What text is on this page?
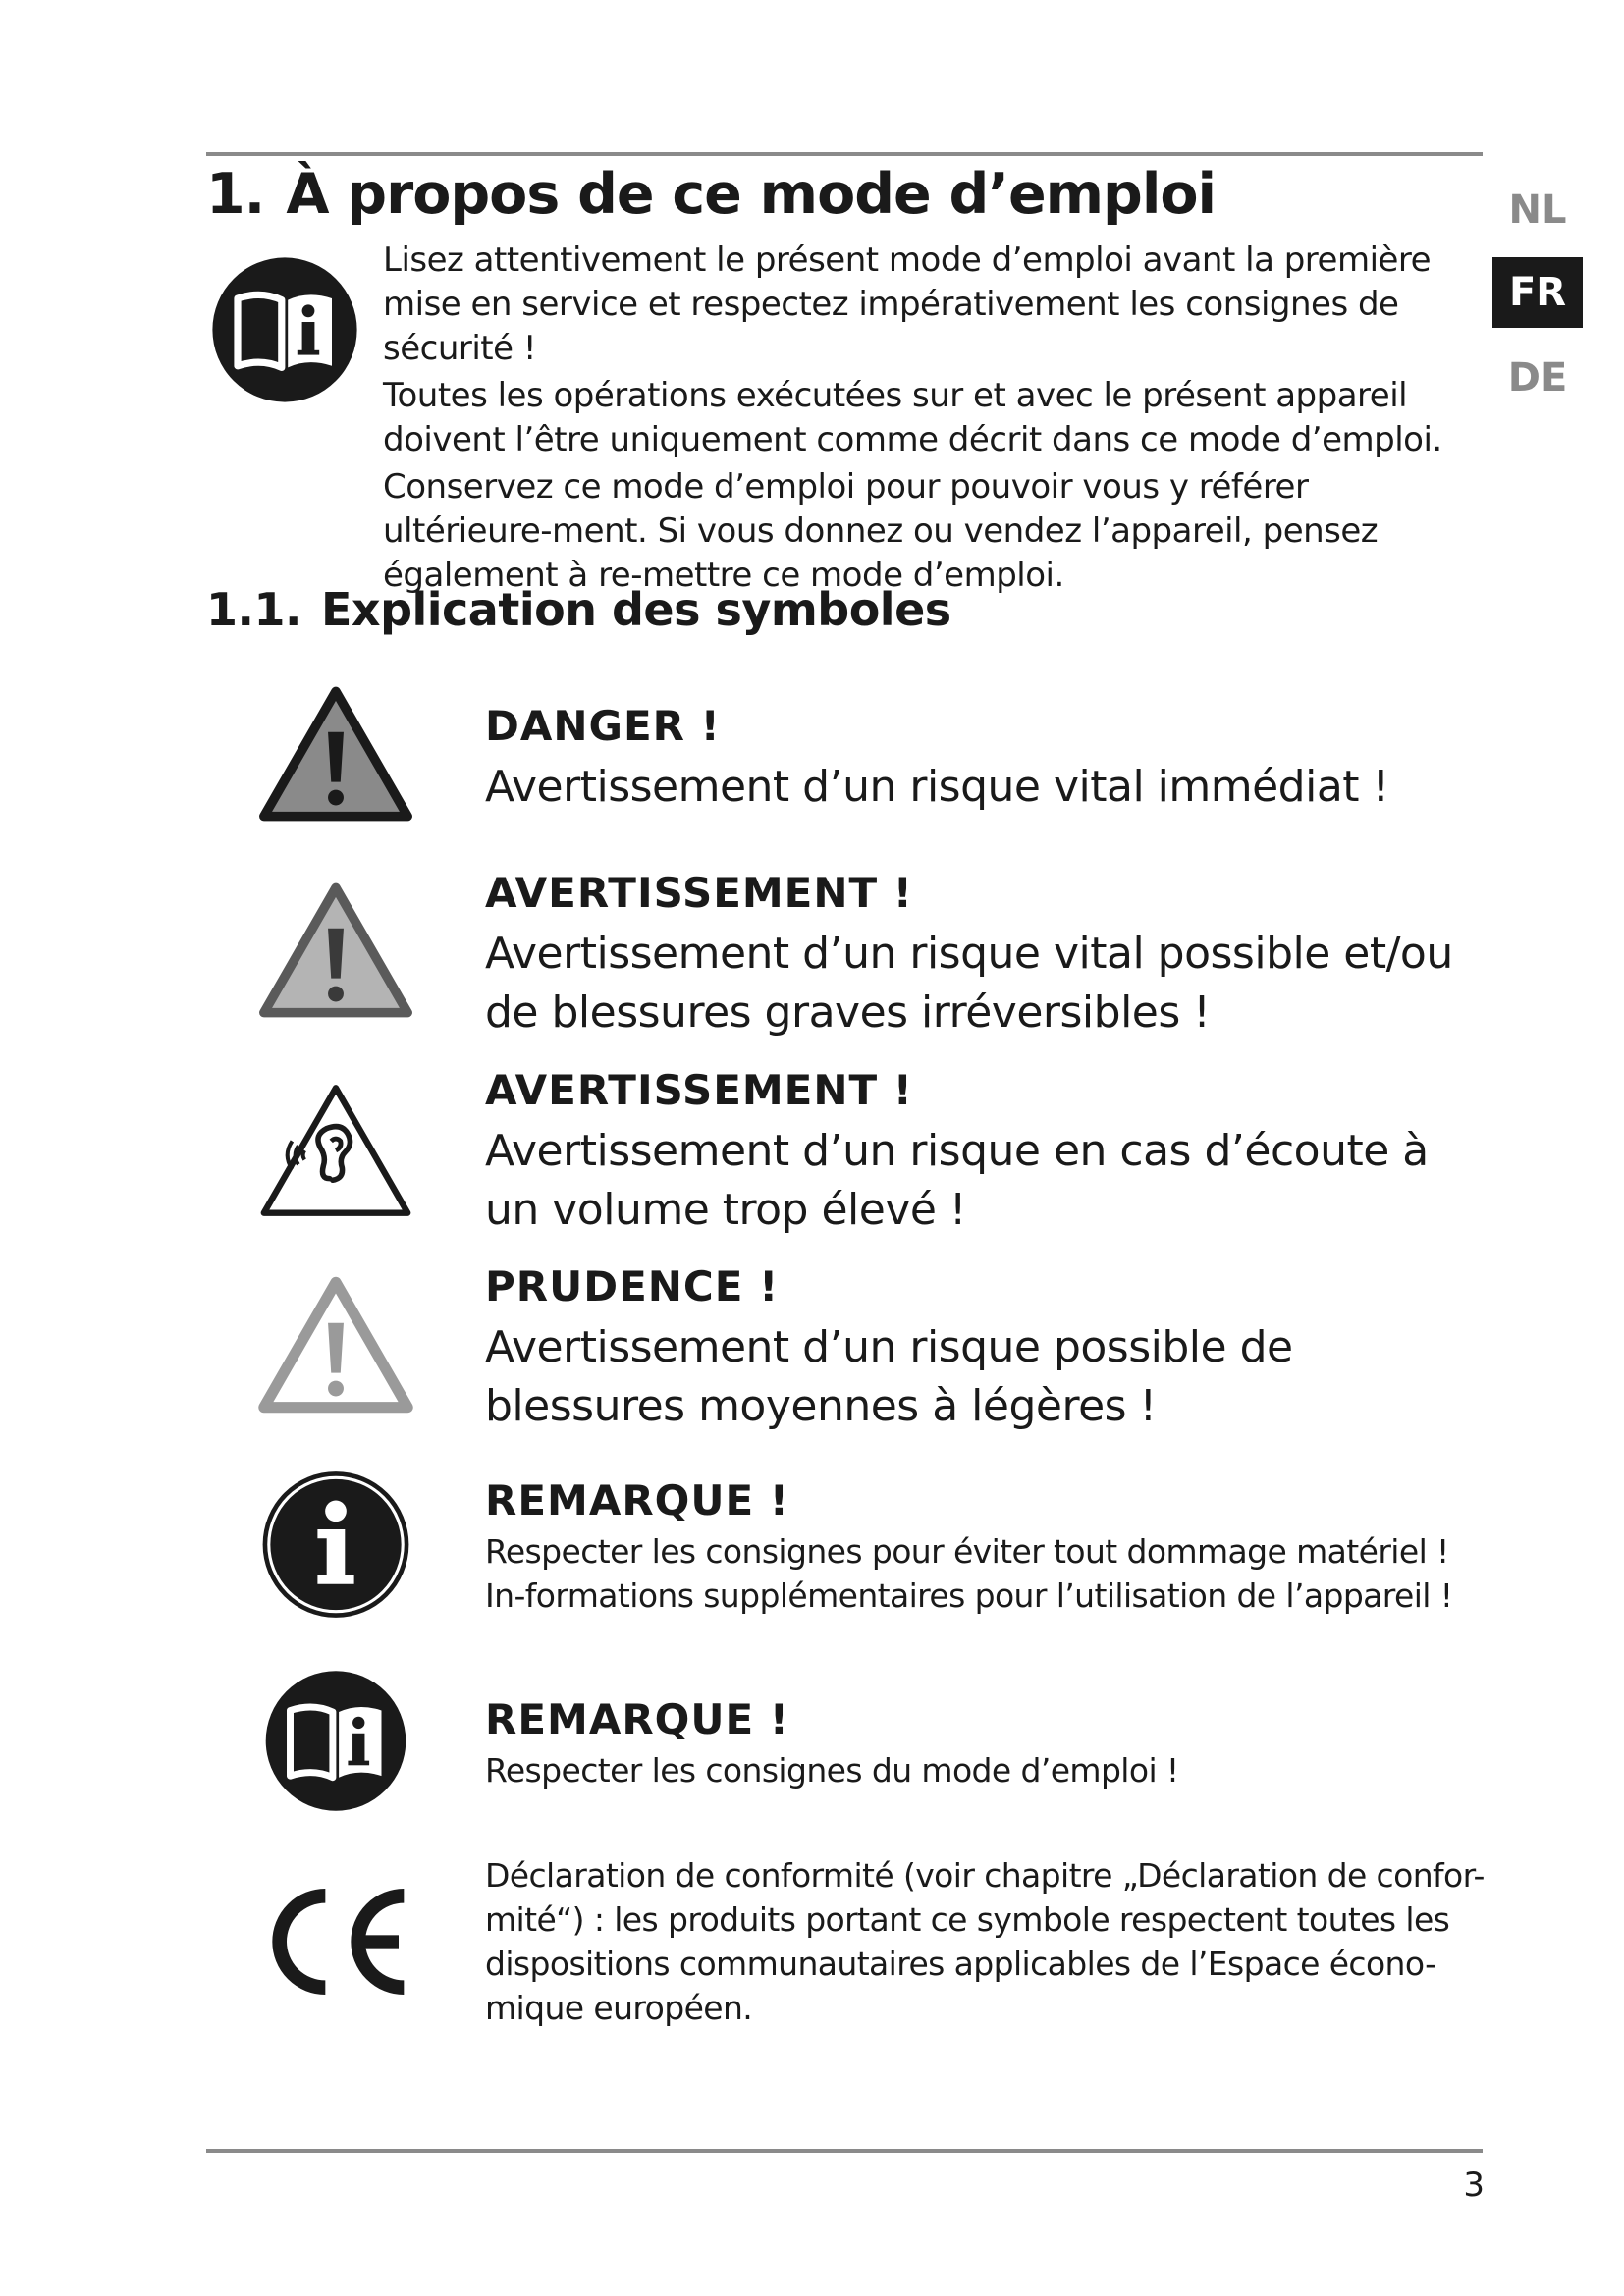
NL
FR
DE
1. À propos de ce mode d’emploi

Lisez attentivement le présent mode d’emploi avant la première mise en service et respectez impérativement les consignes de sécurité !

Toutes les opérations exécutées sur et avec le présent appareil doivent l’être uniquement comme décrit dans ce mode d’emploi.

Conservez ce mode d’emploi pour pouvoir vous y référer ultérieure-ment. Si vous donnez ou vendez l’appareil, pensez également à re-mettre ce mode d’emploi.

1.1. Explication des symboles
DANGER !
Avertissement d’un risque vital immédiat !
AVERTISSEMENT !
Avertissement d’un risque vital possible et/ou de blessures graves irréversibles !
AVERTISSEMENT !
Avertissement d’un risque en cas d’écoute à un volume trop élevé !
PRUDENCE !
Avertissement d’un risque possible de blessures moyennes à légères !
REMARQUE !
Respecter les consignes pour éviter tout dommage matériel ! In-formations supplémentaires pour l’utilisation de l’appareil !
REMARQUE !
Respecter les consignes du mode d’emploi !
Déclaration de conformité (voir chapitre „Déclaration de confor-mité“) : les produits portant ce symbole respectent toutes les dispositions communautaires applicables de l’Espace écono-mique européen.
3
